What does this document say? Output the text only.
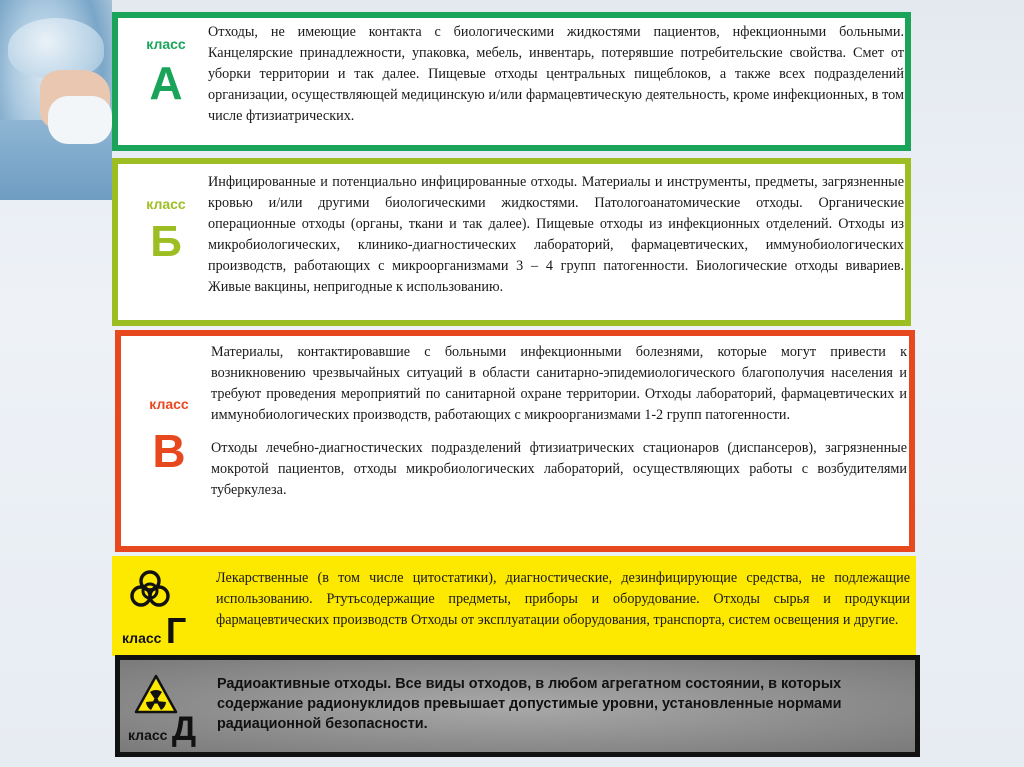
класс
А

Отходы, не имеющие контакта с биологическими жидкостями пациентов, нфекционными больными. Канцелярские принадлежности, упаковка, мебель, инвентарь, потерявшие потребительские свойства. Смет от уборки территории и так далее. Пищевые отходы центральных пищеблоков, а также всех подразделений организации, осуществляющей медицинскую и/или фармацевтическую деятельность, кроме инфекционных, в том числе фтизиатрических.

класс
Б

Инфицированные и потенциально инфицированные отходы. Материалы и инструменты, предметы, загрязненные кровью и/или другими биологическими жидкостями. Патологоанатомические отходы. Органические операционные отходы (органы, ткани и так далее). Пищевые отходы из инфекционных отделений. Отходы из микробиологических, клинико-диагностических лабораторий, фармацевтических, иммунобиологических производств, работающих с микроорганизмами 3 – 4 групп патогенности. Биологические отходы вивариев. Живые вакцины, непригодные к использованию.

класс
В

Материалы, контактировавшие с больными инфекционными болезнями, которые могут привести к возникновению чрезвычайных ситуаций в области санитарно-эпидемиологического благополучия населения и требуют проведения мероприятий по санитарной охране территории. Отходы лабораторий, фармацевтических и иммунобиологических производств, работающих с микроорганизмами 1-2 групп патогенности.

Отходы лечебно-диагностических подразделений фтизиатрических стационаров (диспансеров), загрязненные мокротой пациентов, отходы микробиологических лабораторий, осуществляющих работы с возбудителями туберкулеза.

класс Г

Лекарственные (в том числе цитостатики), диагностические, дезинфицирующие средства, не подлежащие использованию. Ртутьсодержащие предметы, приборы и оборудование. Отходы сырья и продукции фармацевтических производств Отходы от эксплуатации оборудования, транспорта, систем освещения и другие.

класс Д

Радиоактивные отходы. Все виды отходов, в любом агрегатном состоянии, в которых содержание радионуклидов превышает допустимые уровни, установленные нормами радиационной безопасности.
